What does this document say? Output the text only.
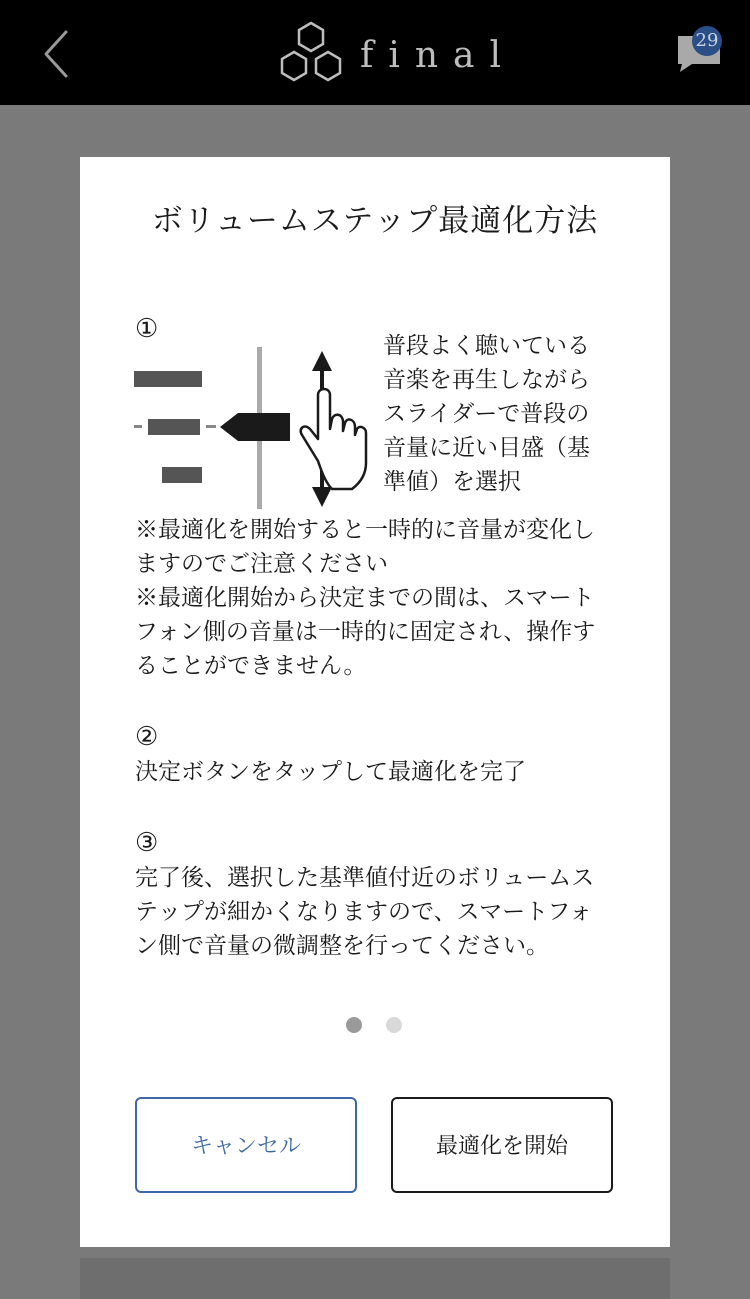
final	29
ボリュームステップ最適化方法
①
普段よく聴いている
音楽を再生しながら
スライダーで普段の
音量に近い目盛（基
準値）を選択
※最適化を開始すると一時的に音量が変化し
ますのでご注意ください
※最適化開始から決定までの間は、スマート
フォン側の音量は一時的に固定され、操作す
ることができません。
②
決定ボタンをタップして最適化を完了
③
完了後、選択した基準値付近のボリュームス
テップが細かくなりますので、スマートフォ
ン側で音量の微調整を行ってください。
キャンセル	最適化を開始
